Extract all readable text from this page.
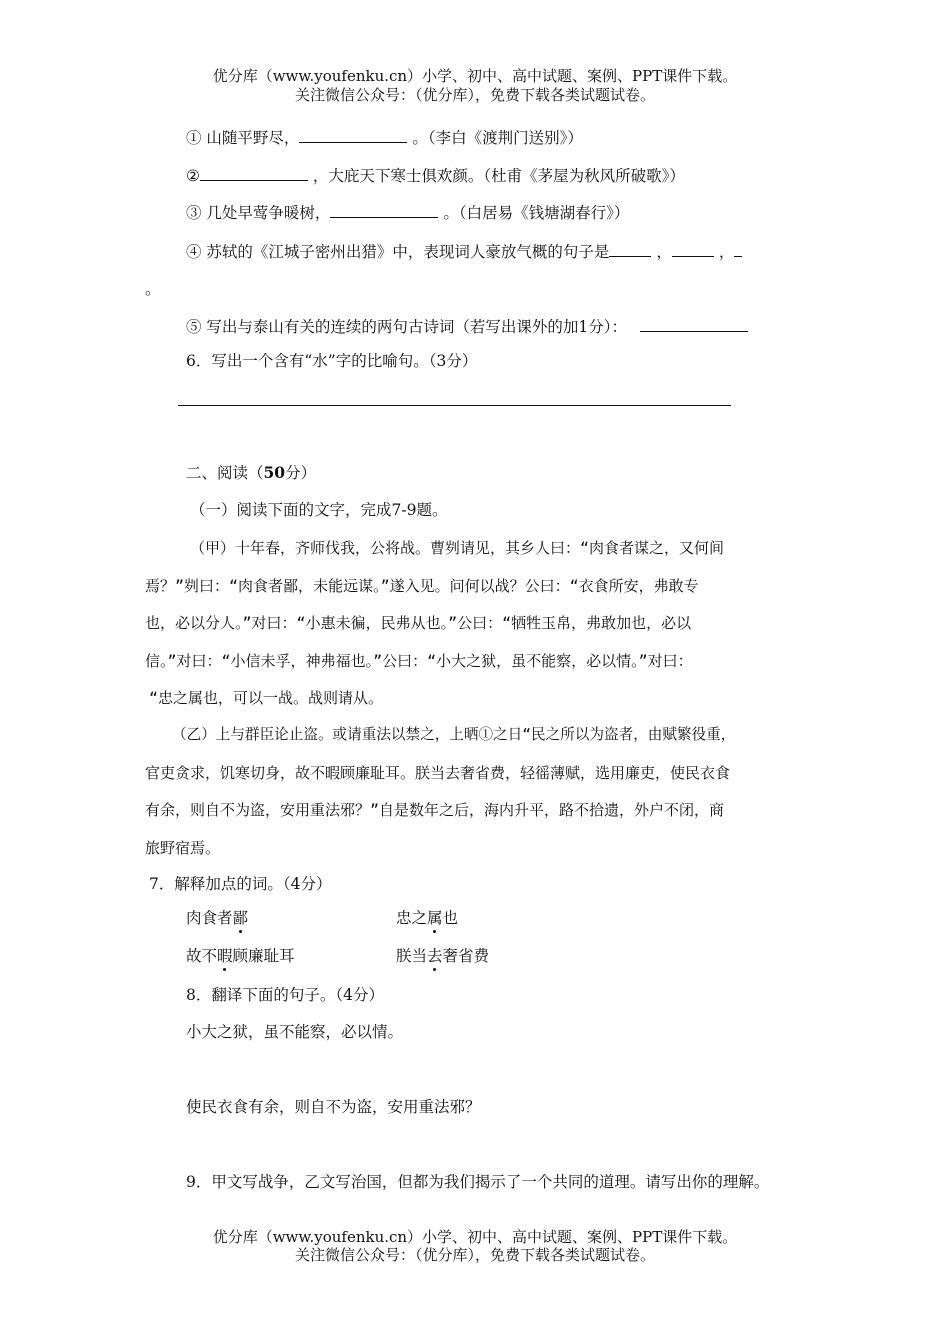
优分库（www.youfenku.cn）小学、初中、高中试题、案例、PPT课件下载。
关注微信公众号：（优分库），免费下载各类试题试卷。
① 山随平野尽，	。（李白《渡荆门送别》）
②	，大庇天下寒士俱欢颜。（杜甫《茅屋为秋风所破歌》）
③ 几处早莺争暖树，	。（白居易《钱塘湖春行》）
④ 苏轼的《江城子密州出猎》中，表现词人豪放气概的句子是	，	，
。
⑤ 写出与泰山有关的连续的两句古诗词（若写出课外的加1分）：
6．写出一个含有“水”字的比喻句。（3分）
二、阅读（50分）
（一）阅读下面的文字，完成7-9题。
（甲）十年春，齐师伐我，公将战。曹刿请见，其乡人曰：“肉食者谋之，又何间
焉？”刿曰：“肉食者鄙，未能远谋。”遂入见。问何以战？公曰：“衣食所安，弗敢专
也，必以分人。”对曰：“小惠未徧，民弗从也。”公曰：“牺牲玉帛，弗敢加也，必以
信。”对曰：“小信未孚，神弗福也。”公曰：“小大之狱，虽不能察，必以情。”对曰：
“忠之属也，可以一战。战则请从。
（乙）上与群臣论止盗。或请重法以禁之，上晒①之日“民之所以为盗者，由赋繁役重，
官吏贪求，饥寒切身，故不暇顾廉耻耳。朕当去奢省费，轻徭薄赋，选用廉吏，使民衣食
有余，则自不为盗，安用重法邪？”自是数年之后，海内升平，路不拾遗，外户不闭，商
旅野宿焉。
7．解释加点的词。（4分）
肉食者鄙	忠之属也
故不暇顾廉耻耳	朕当去奢省费
8．翻译下面的句子。（4分）
小大之狱，虽不能察，必以情。
使民衣食有余，则自不为盗，安用重法邪？
9．甲文写战争，乙文写治国，但都为我们揭示了一个共同的道理。请写出你的理解。
优分库（www.youfenku.cn）小学、初中、高中试题、案例、PPT课件下载。
关注微信公众号：（优分库），免费下载各类试题试卷。
